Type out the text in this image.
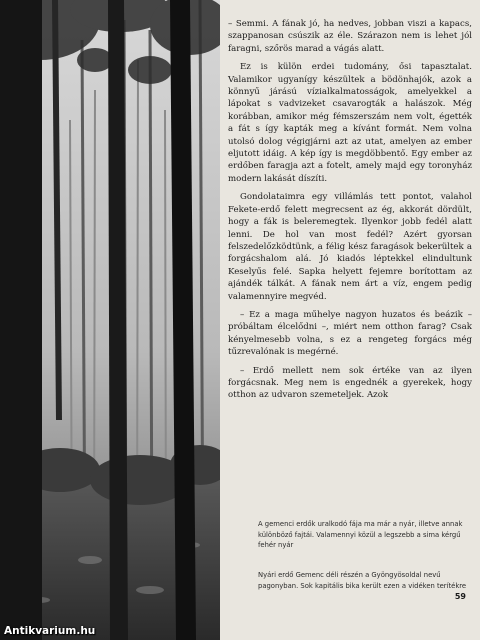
– Semmi. A fának jó, ha nedves, jobban viszi a kapacs, szappanosan csúszik az éle. Szárazon nem is lehet jól faragni, szőrös marad a vágás alatt.

Ez is külön erdei tudomány, ősi tapasztalat. Valamikor ugyanígy készültek a bödönhajók, azok a könnyű járású vízialkalmatosságok, amelyekkel a lápokat s vadvizeket csavarogták a halászok. Még korábban, amikor még fémszerszám nem volt, égették a fát s így kapták meg a kívánt formát. Nem volna utolsó dolog végigjárni azt az utat, amelyen az ember eljutott idáig. A kép így is megdöbbentő. Egy ember az erdőben faragja azt a fotelt, amely majd egy toronyház modern lakását díszíti.

Gondolataimra egy villámlás tett pontot, valahol Fekete-erdő felett megrecsent az ég, akkorát dördült, hogy a fák is beleremegtek. Ilyenkor jobb fedél alatt lenni. De hol van most fedél? Azért gyorsan felszedelőzködtünk, a félig kész faragások bekerültek a forgácshalom alá. Jó kiadós léptekkel elindultunk Keselyűs felé. Sapka helyett fejemre borítottam az ajándék tálkát. A fának nem árt a víz, engem pedig valamennyire megvéd.

– Ez a maga műhelye nagyon huzatos és beázik – próbáltam élcelődni –, miért nem otthon farag? Csak kényelmesebb volna, s ez a rengeteg forgács még tűzrevalónak is megérné.

– Erdő mellett nem sok értéke van az ilyen forgácsnak. Meg nem is engednék a gyerekek, hogy otthon az udvaron szemeteljek. Azok

A gemenci erdők uralkodó fája ma már a nyár, illetve annak különböző fajtái. Valamennyi közül a legszebb a sima kérgű fehér nyár
Nyári erdő Gemenc déli részén a Gyöngyösoldal nevű pagonyban. Sok kapitális bika került ezen a vidéken terítékre
59
Antikvarium.hu
